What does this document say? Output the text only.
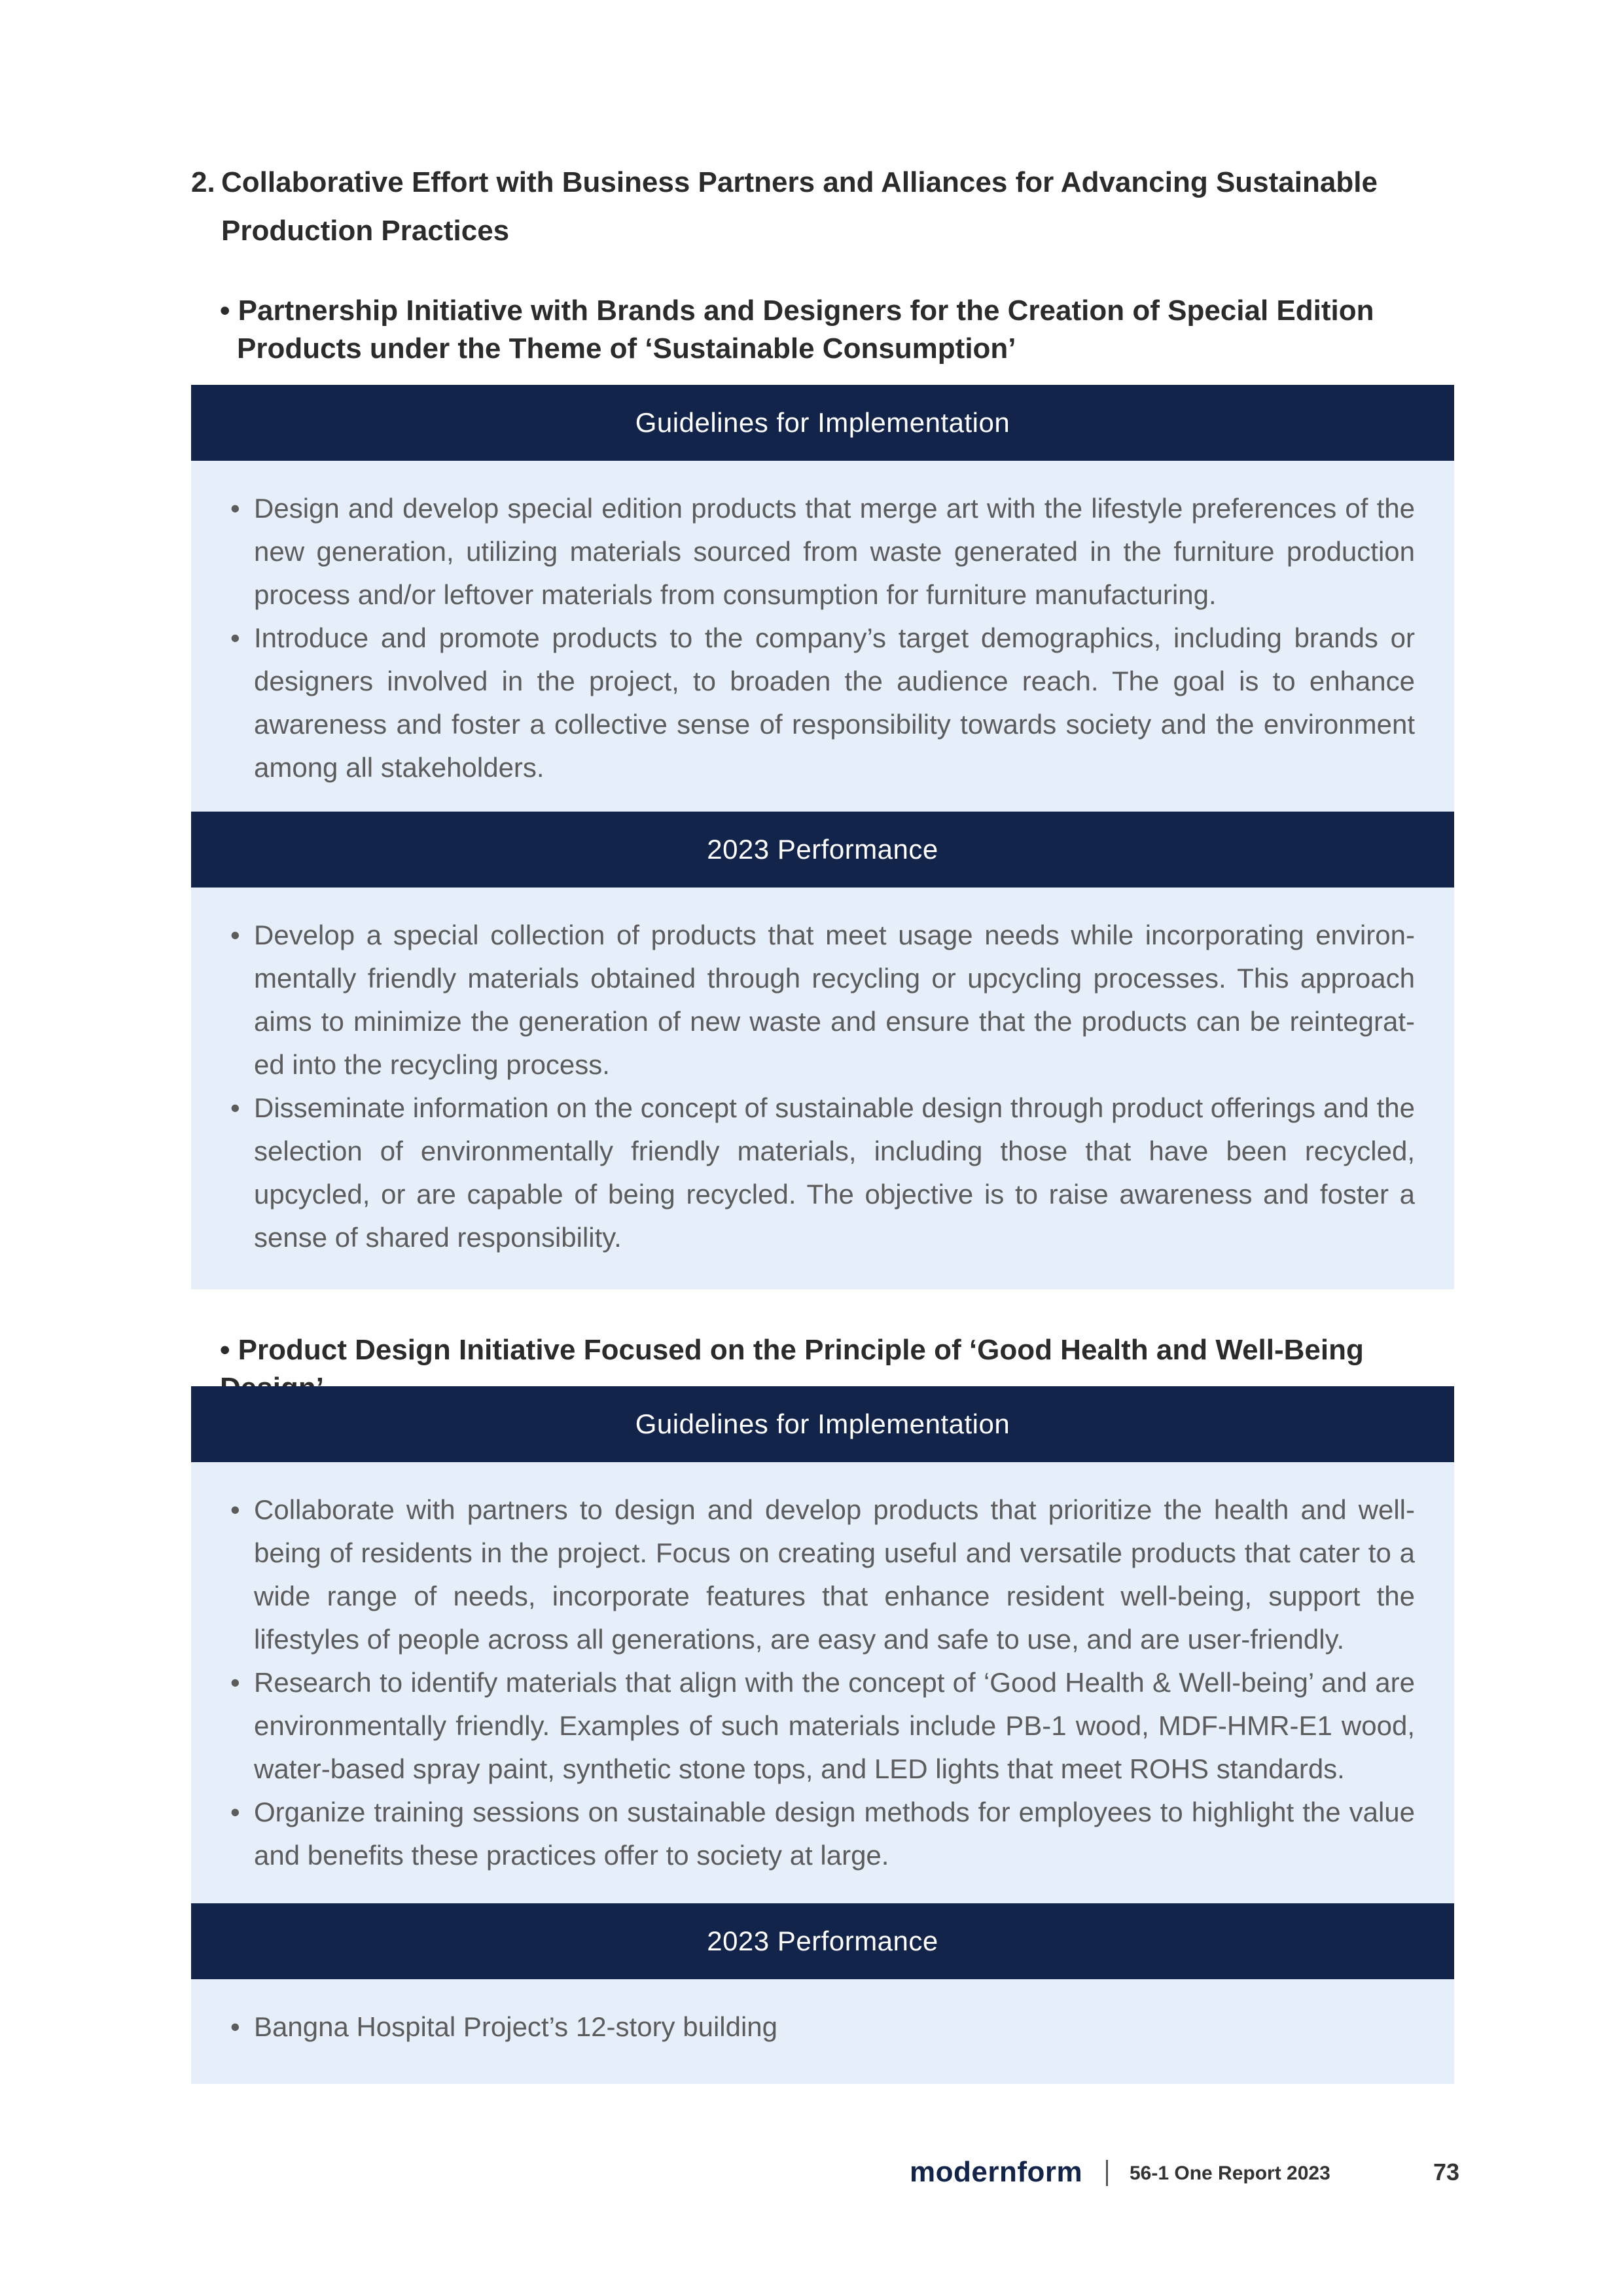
2. Collaborative Effort with Business Partners and Alliances for Advancing Sustainable
Production Practices
• Partnership Initiative with Brands and Designers for the Creation of Special Edition
Products under the Theme of ‘Sustainable Consumption’
Guidelines for Implementation
• Design and develop special edition products that merge art with the lifestyle preferences of the new generation, utilizing materials sourced from waste generated in the furniture production process and/or leftover materials from consumption for furniture manufacturing.
• Introduce and promote products to the company’s target demographics, including brands or designers involved in the project, to broaden the audience reach. The goal is to enhance awareness and foster a collective sense of responsibility towards society and the environment among all stakeholders.
2023 Performance
• Develop a special collection of products that meet usage needs while incorporating environ-mentally friendly materials obtained through recycling or upcycling processes. This approach aims to minimize the generation of new waste and ensure that the products can be reintegrat-ed into the recycling process.
• Disseminate information on the concept of sustainable design through product offerings and the selection of environmentally friendly materials, including those that have been recycled, upcycled, or are capable of being recycled. The objective is to raise awareness and foster a sense of shared responsibility.
• Product Design Initiative Focused on the Principle of ‘Good Health and Well-Being
Guidelines for Implementation
• Collaborate with partners to design and develop products that prioritize the health and well-being of residents in the project. Focus on creating useful and versatile products that cater to a wide range of needs, incorporate features that enhance resident well-being, support the lifestyles of people across all generations, are easy and safe to use, and are user-friendly.
• Research to identify materials that align with the concept of ‘Good Health & Well-being’ and are environmentally friendly. Examples of such materials include PB-1 wood, MDF-HMR-E1 wood, water-based spray paint, synthetic stone tops, and LED lights that meet ROHS standards.
• Organize training sessions on sustainable design methods for employees to highlight the value and benefits these practices offer to society at large.
2023 Performance
• Bangna Hospital Project’s 12-story building
modernform 56-1 One Report 2023	73
